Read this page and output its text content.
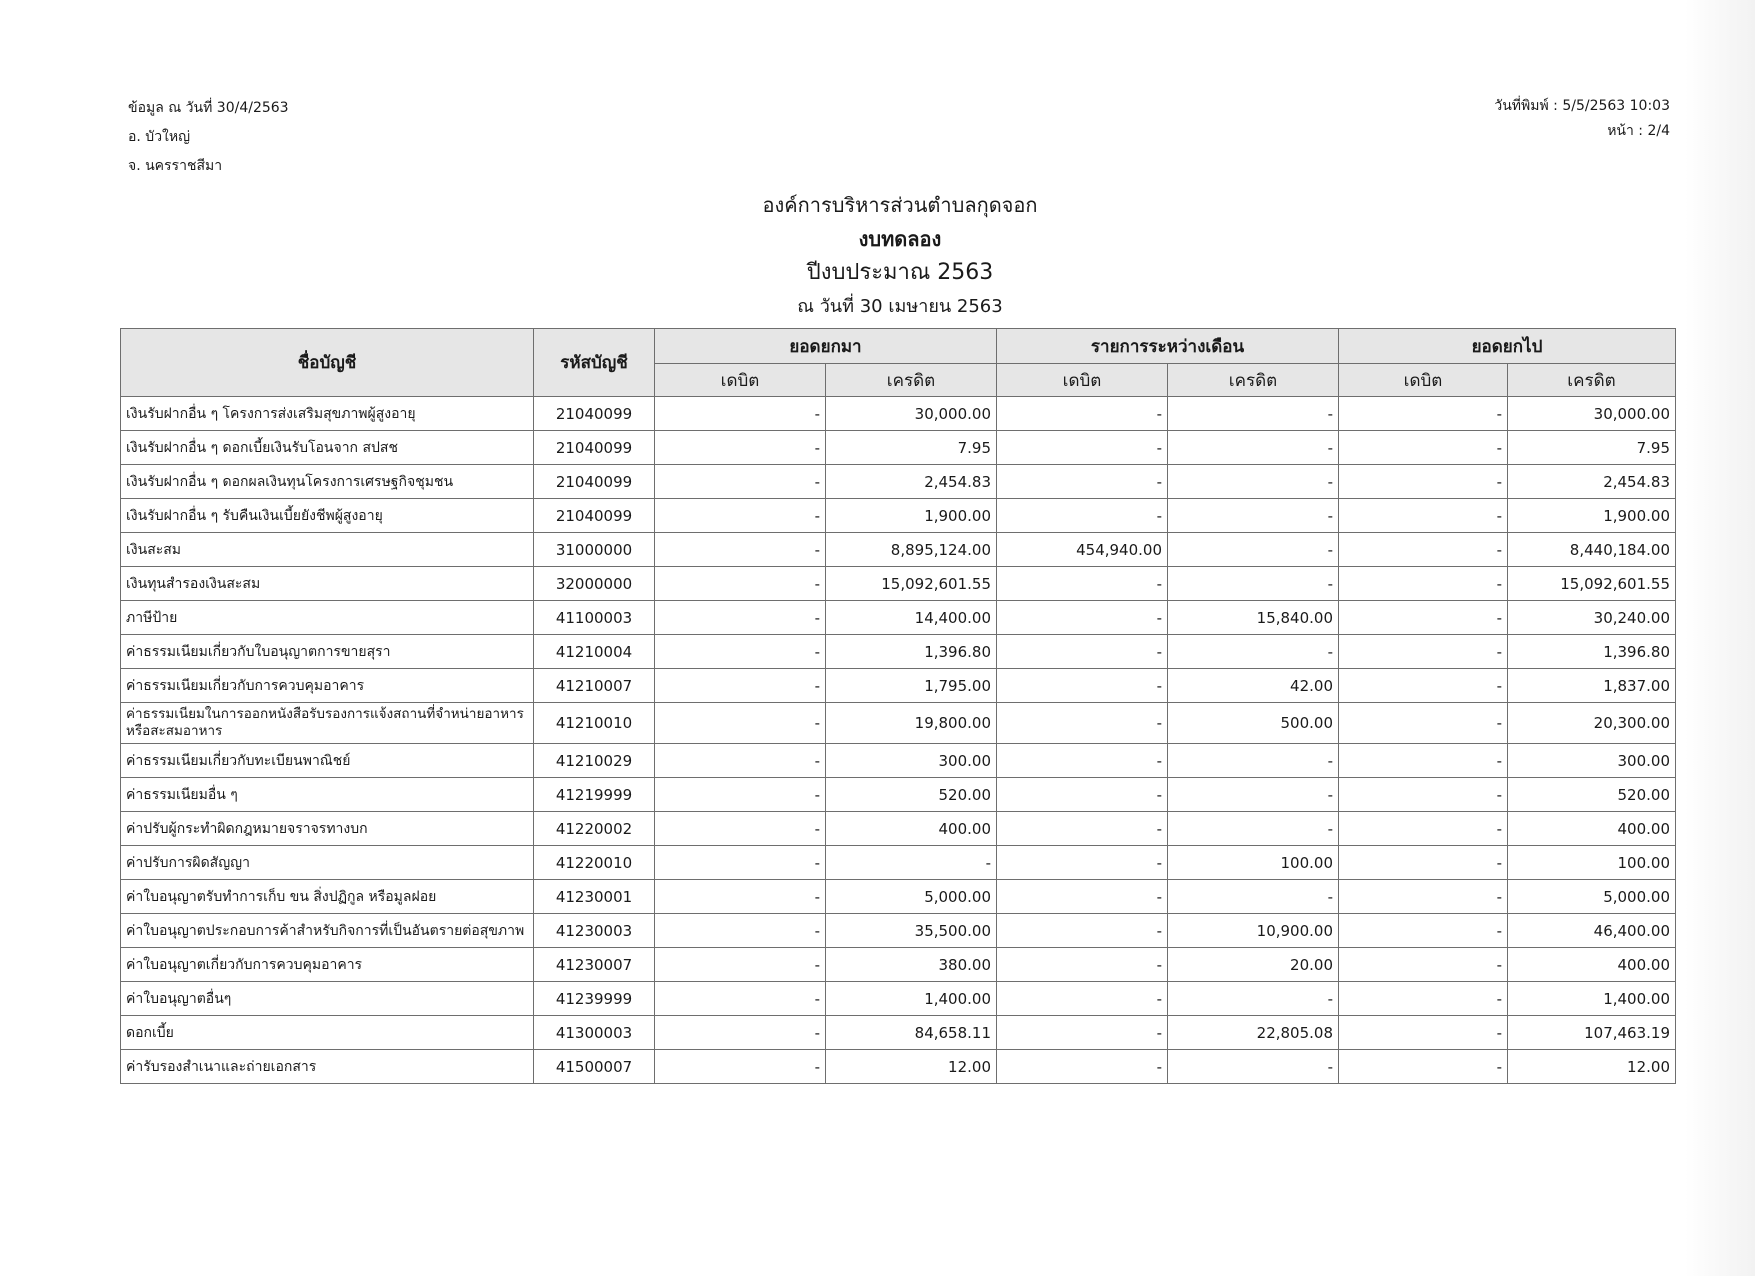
ข้อมูล ณ วันที่ 30/4/2563
อ. บัวใหญ่
จ. นครราชสีมา
วันที่พิมพ์ : 5/5/2563 10:03
หน้า : 2/4
องค์การบริหารส่วนตำบลกุดจอก
งบทดลอง
ปีงบประมาณ 2563
ณ วันที่ 30 เมษายน 2563
ชื่อบัญชี	รหัสบัญชี	ยอดยกมา		รายการระหว่างเดือน		ยอดยกไป	
		เดบิต	เครดิต	เดบิต	เครดิต	เดบิต	เครดิต
เงินรับฝากอื่น ๆ โครงการส่งเสริมสุขภาพผู้สูงอายุ	21040099	-	30,000.00	-	-	-	30,000.00
เงินรับฝากอื่น ๆ ดอกเบี้ยเงินรับโอนจาก สปสช	21040099	-	7.95	-	-	-	7.95
เงินรับฝากอื่น ๆ ดอกผลเงินทุนโครงการเศรษฐกิจชุมชน	21040099	-	2,454.83	-	-	-	2,454.83
เงินรับฝากอื่น ๆ รับคืนเงินเบี้ยยังชีพผู้สูงอายุ	21040099	-	1,900.00	-	-	-	1,900.00
เงินสะสม	31000000	-	8,895,124.00	454,940.00	-	-	8,440,184.00
เงินทุนสำรองเงินสะสม	32000000	-	15,092,601.55	-	-	-	15,092,601.55
ภาษีป้าย	41100003	-	14,400.00	-	15,840.00	-	30,240.00
ค่าธรรมเนียมเกี่ยวกับใบอนุญาตการขายสุรา	41210004	-	1,396.80	-	-	-	1,396.80
ค่าธรรมเนียมเกี่ยวกับการควบคุมอาคาร	41210007	-	1,795.00	-	42.00	-	1,837.00
ค่าธรรมเนียมในการออกหนังสือรับรองการแจ้งสถานที่จำหน่ายอาหารหรือสะสมอาหาร	41210010	-	19,800.00	-	500.00	-	20,300.00
ค่าธรรมเนียมเกี่ยวกับทะเบียนพาณิชย์	41210029	-	300.00	-	-	-	300.00
ค่าธรรมเนียมอื่น ๆ	41219999	-	520.00	-	-	-	520.00
ค่าปรับผู้กระทำผิดกฎหมายจราจรทางบก	41220002	-	400.00	-	-	-	400.00
ค่าปรับการผิดสัญญา	41220010	-	-	-	100.00	-	100.00
ค่าใบอนุญาตรับทำการเก็บ ขน สิ่งปฏิกูล หรือมูลฝอย	41230001	-	5,000.00	-	-	-	5,000.00
ค่าใบอนุญาตประกอบการค้าสำหรับกิจการที่เป็นอันตรายต่อสุขภาพ	41230003	-	35,500.00	-	10,900.00	-	46,400.00
ค่าใบอนุญาตเกี่ยวกับการควบคุมอาคาร	41230007	-	380.00	-	20.00	-	400.00
ค่าใบอนุญาตอื่นๆ	41239999	-	1,400.00	-	-	-	1,400.00
ดอกเบี้ย	41300003	-	84,658.11	-	22,805.08	-	107,463.19
ค่ารับรองสำเนาและถ่ายเอกสาร	41500007	-	12.00	-	-	-	12.00
